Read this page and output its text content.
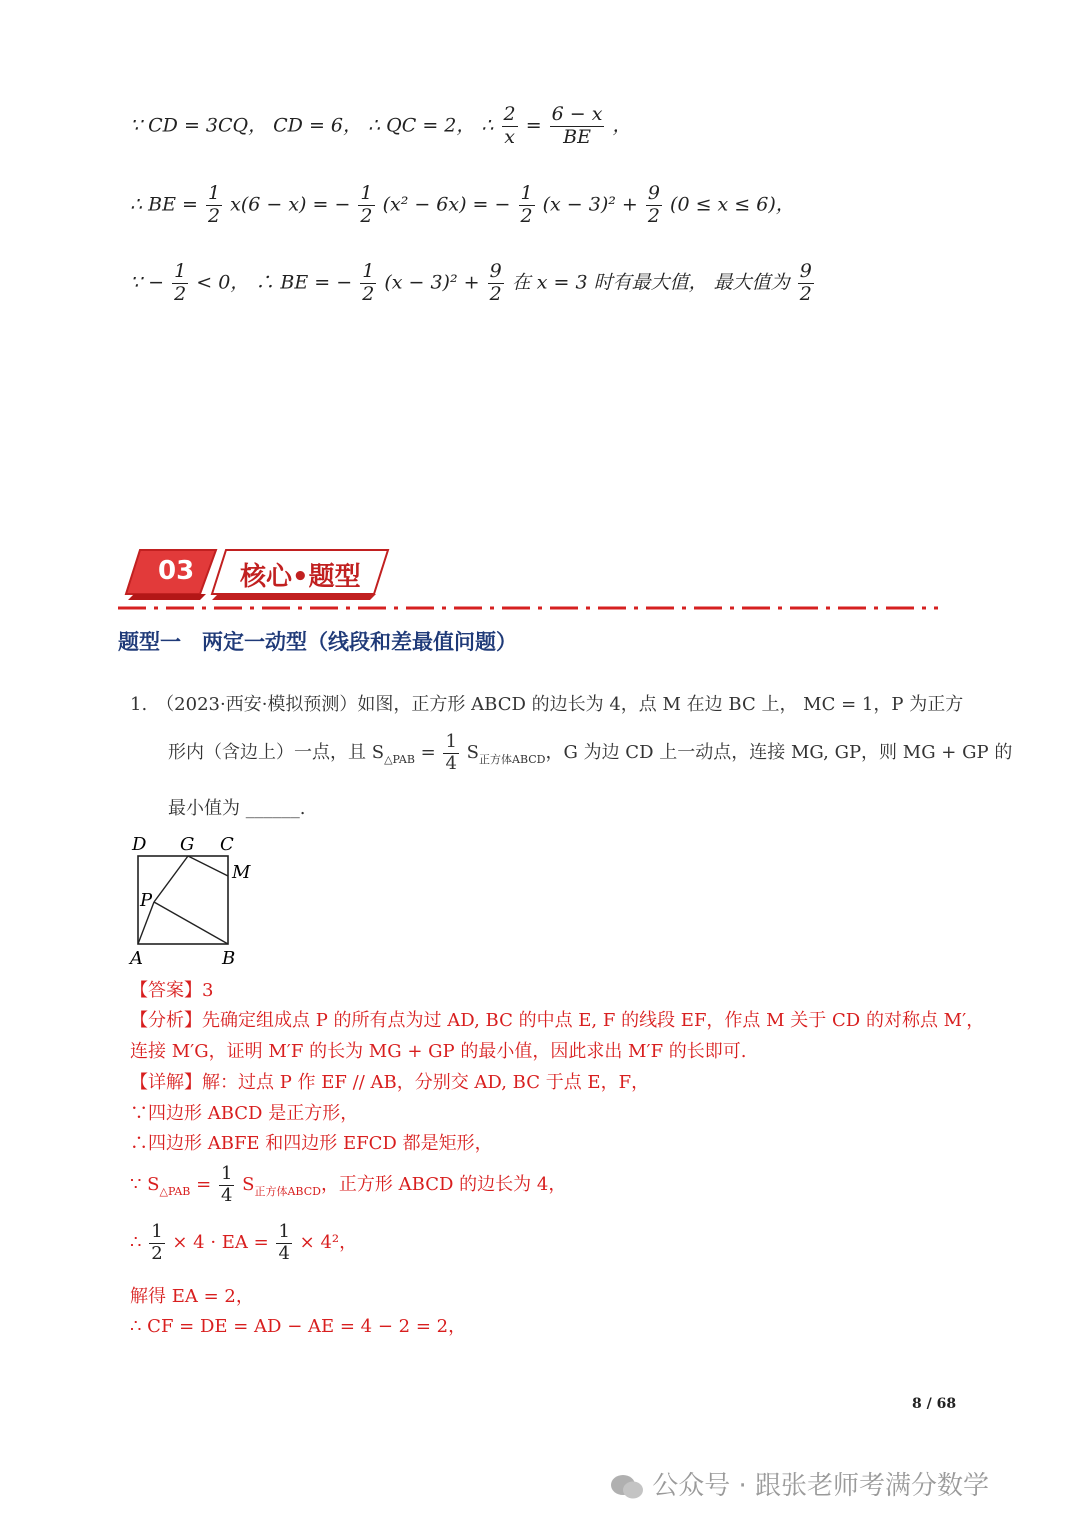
∵ CD = 3CQ， CD = 6， ∴ QC = 2， ∴ $\frac{2}{x} = \frac{6 - x}{BE}$ ，
∴ BE = $\frac{1}{2} x(6 - x)$ = − $\frac{1}{2} (x^2 - 6x)$ = − $\frac{1}{2} (x - 3)^2 + \frac{9}{2} (0 \le x \le 6)$，
∵ − $\frac{1}{2} < 0$， ∴ BE = − $\frac{1}{2} (x - 3)^2 + \frac{9}{2}$ 在 x = 3 时有最大值， 最大值为 $\frac{9}{2}$
03 核心•题型
题型一　两定一动型（线段和差最值问题）
1.　（2023·西安·模拟预测）如图，正方形 ABCD 的边长为 4，点 M 在边 BC 上， MC = 1，P 为正方
形内（含边上）一点，且 $S_{\triangle PAB} = \frac{1}{4} S_{正方体ABCD}$，G 为边 CD 上一动点，连接 MG, GP，则 MG + GP 的
最小值为 ______.
D G C
M
P
A	B
【答案】3
【分析】先确定组成点 P 的所有点为过 AD, BC 的中点 E, F 的线段 EF，作点 M 关于 CD 的对称点 M′，
连接 M′G，证明 M′F 的长为 MG + GP 的最小值，因此求出 M′F 的长即可.
【详解】解：过点 P 作 EF // AB，分别交 AD, BC 于点 E，F，
∵四边形 ABCD 是正方形，
∴四边形 ABFE 和四边形 EFCD 都是矩形，
∵ $S_{\triangle PAB} = \frac{1}{4} S_{正方体ABCD}$，正方形 ABCD 的边长为 4，
∴ $\frac{1}{2} \times 4$ · EA = $\frac{1}{4} \times 4^2$，
解得 EA = 2，
∴ CF = DE = AD − AE = 4 − 2 = 2，
8 / 68
公众号 · 跟张老师考满分数学
